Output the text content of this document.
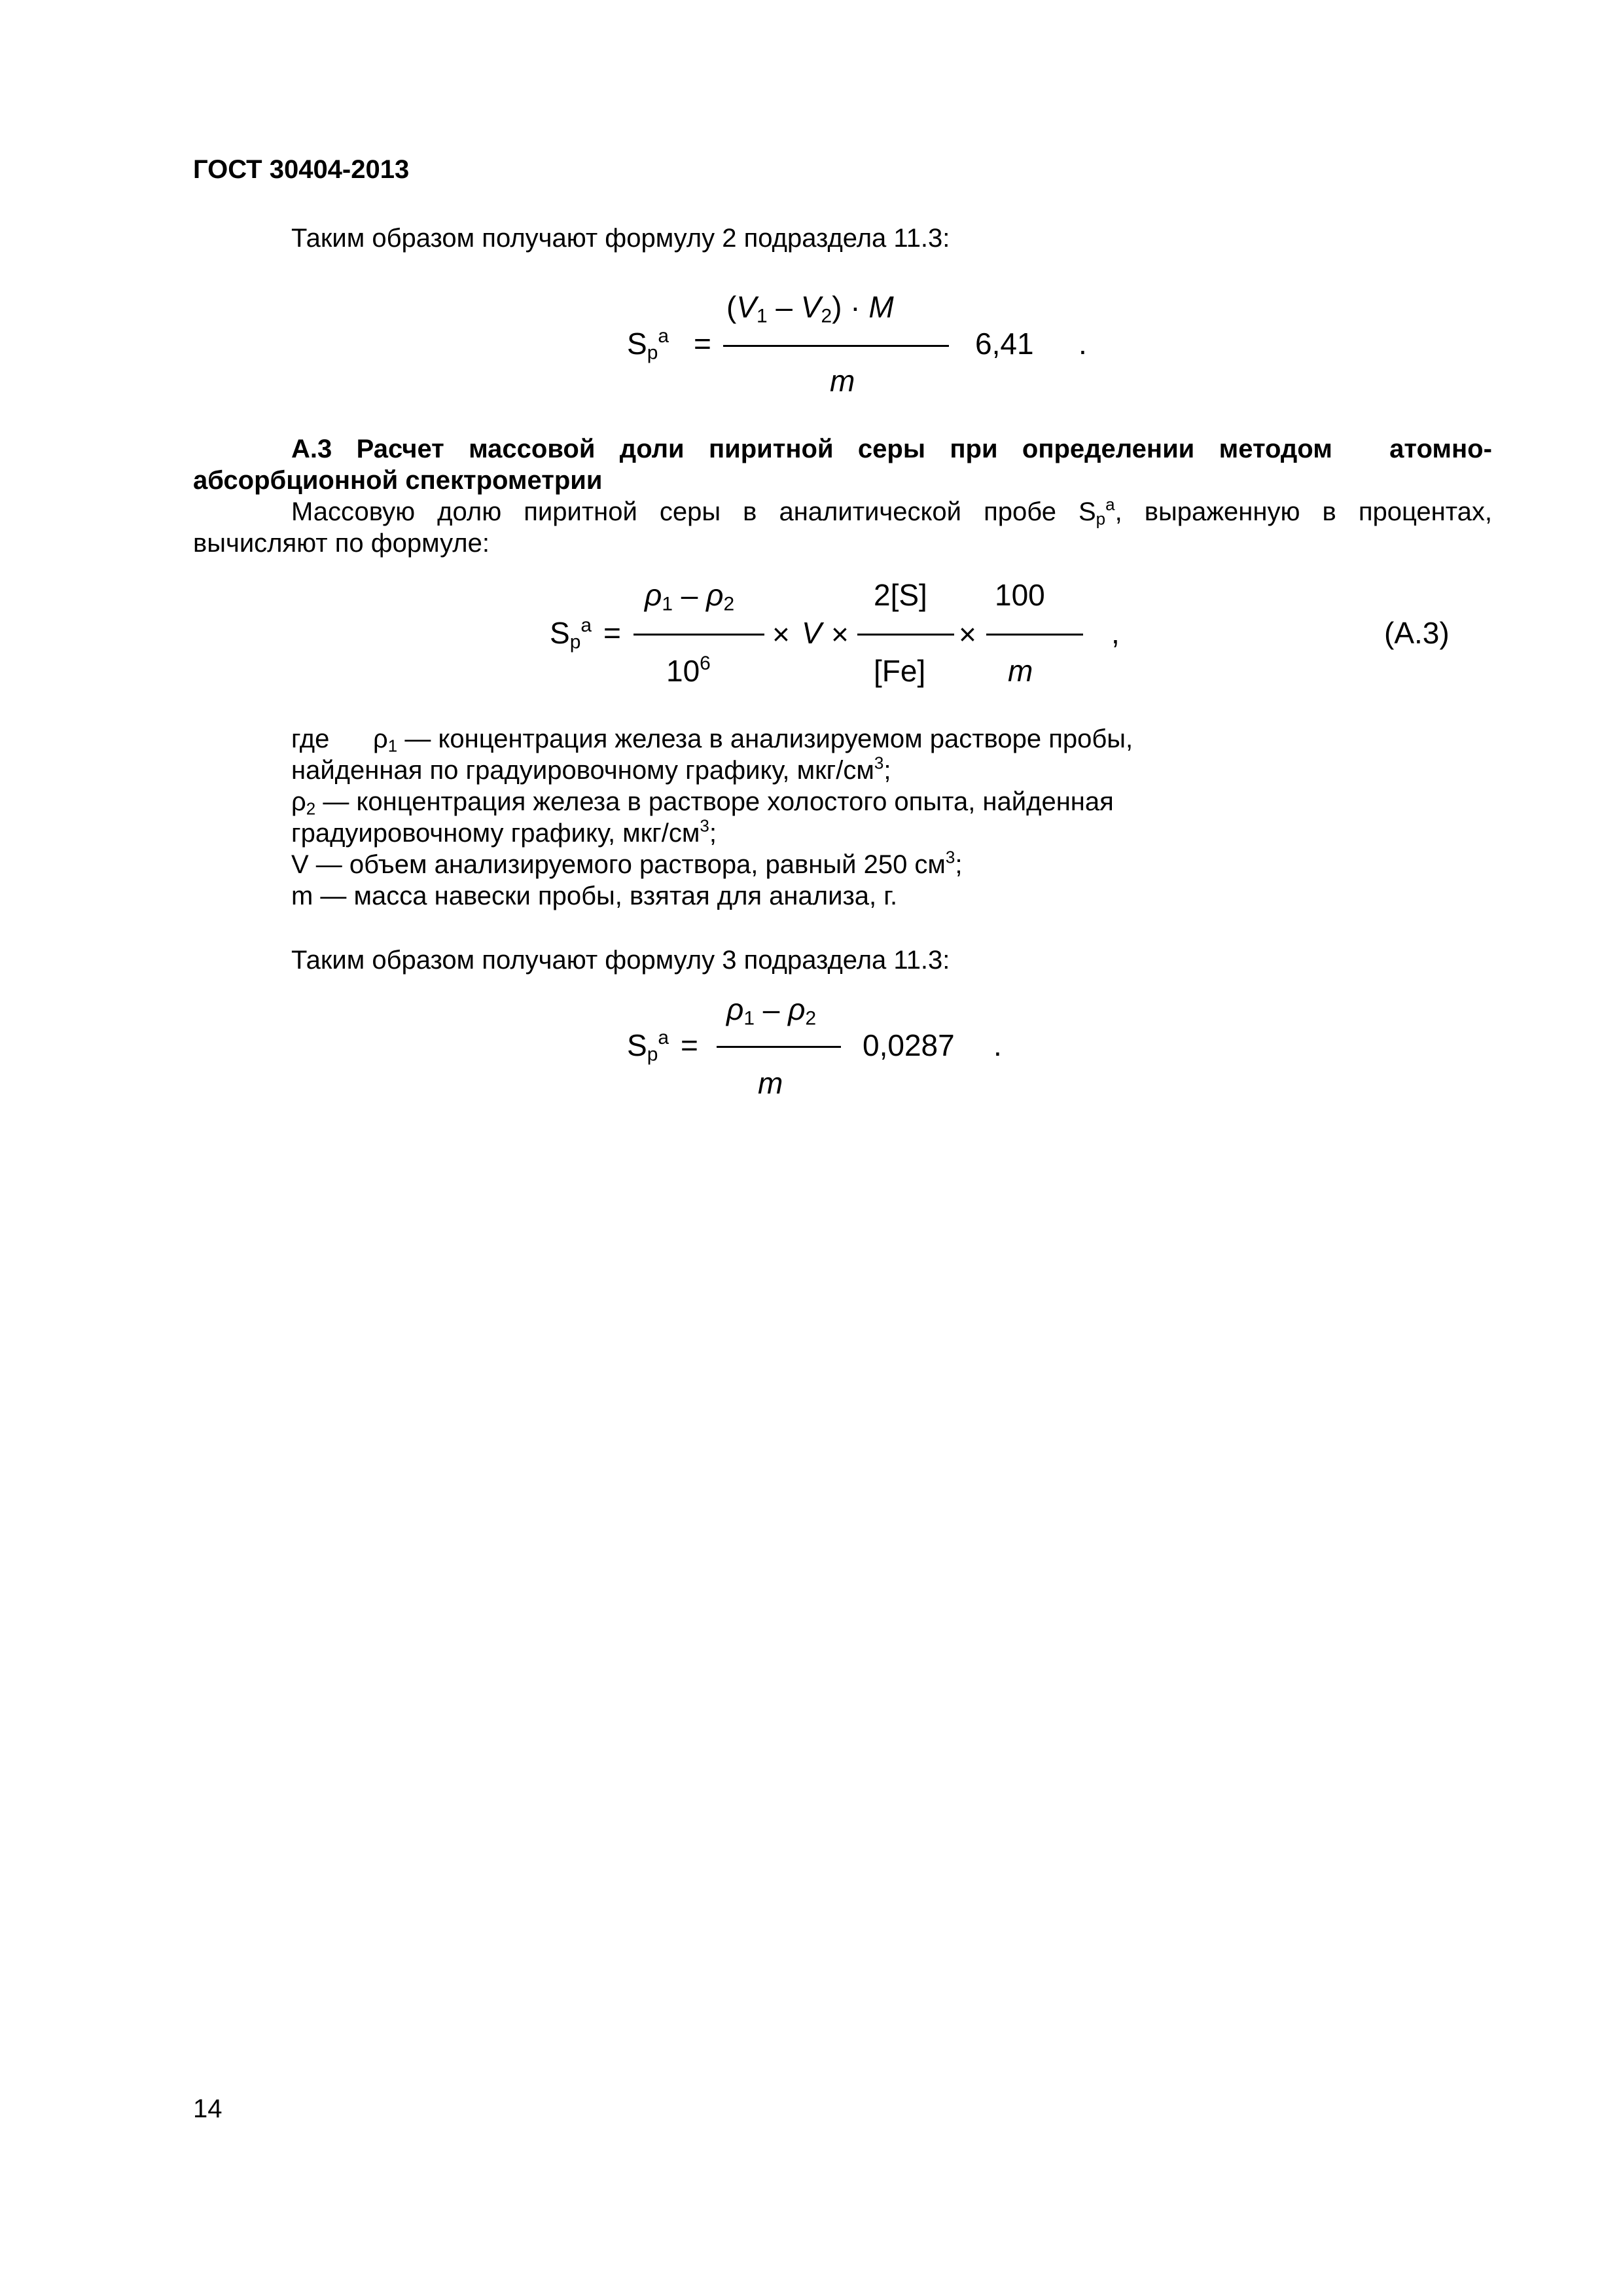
ГОСТ 30404-2013
Таким образом получают формулу 2 подраздела 11.3:
$S_p^a$ =
$(V_1 - V_2) \cdot M$
m
6,41 .
А.3 Расчет массовой доли пиритной серы при определении методом атомно-
абсорбционной спектрометрии
Массовую долю пиритной серы в аналитической пробе $S_p^a$, выраженную в процентах,
вычисляют по формуле:
$S_p^a$ =
$\rho_1 - \rho_2$
$10^6$
× V ×
2[S]
[Fe]
×
100
m
,	(А.3)
где $\rho_1$ — концентрация железа в анализируемом растворе пробы,
найденная по градуировочному графику, мкг/$см^3$;
$\rho_2$ — концентрация железа в растворе холостого опыта, найденная
градуировочному графику, мкг/$см^3$;
V — объем анализируемого раствора, равный 250 $см^3$;
m — масса навески пробы, взятая для анализа, г.
Таким образом получают формулу 3 подраздела 11.3:
$S_p^a$ =
$\rho_1 - \rho_2$
m
0,0287 .
14
